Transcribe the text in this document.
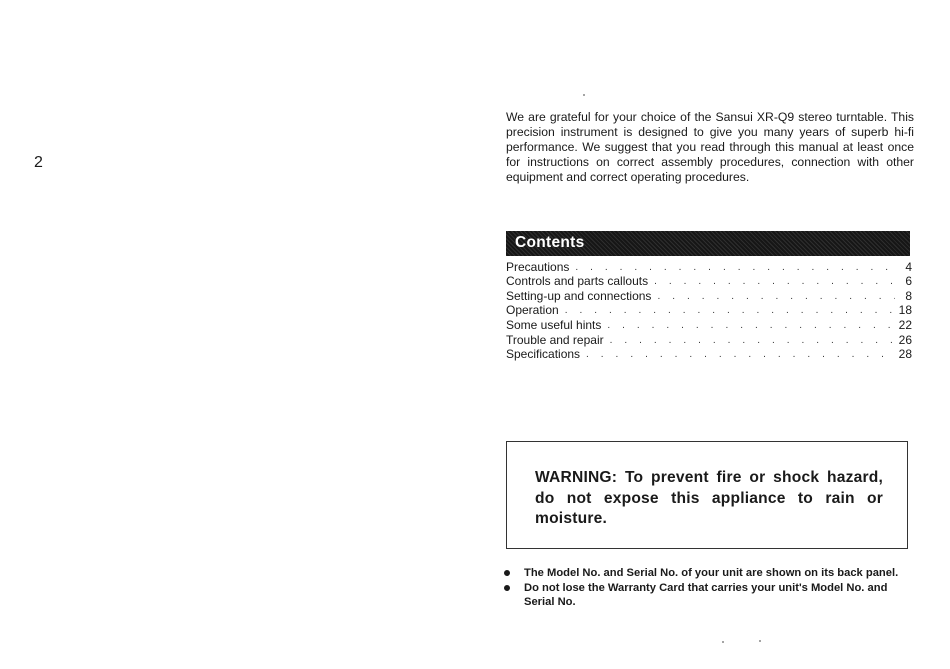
2

We are grateful for your choice of the Sansui XR-Q9 stereo turntable. This precision instrument is designed to give you many years of superb hi-fi performance. We suggest that you read through this manual at least once for instructions on correct assembly procedures, connection with other equipment and correct operating procedures.

Contents
Precautions . . .	4
Controls and parts callouts . . .	6
Setting-up and connections . . .	8
Operation . . .	18
Some useful hints . . .	22
Trouble and repair . . .	26
Specifications . . .	28

WARNING: To prevent fire or shock hazard, do not expose this appliance to rain or moisture.

The Model No. and Serial No. of your unit are shown on its back panel.
Do not lose the Warranty Card that carries your unit's Model No. and Serial No.
